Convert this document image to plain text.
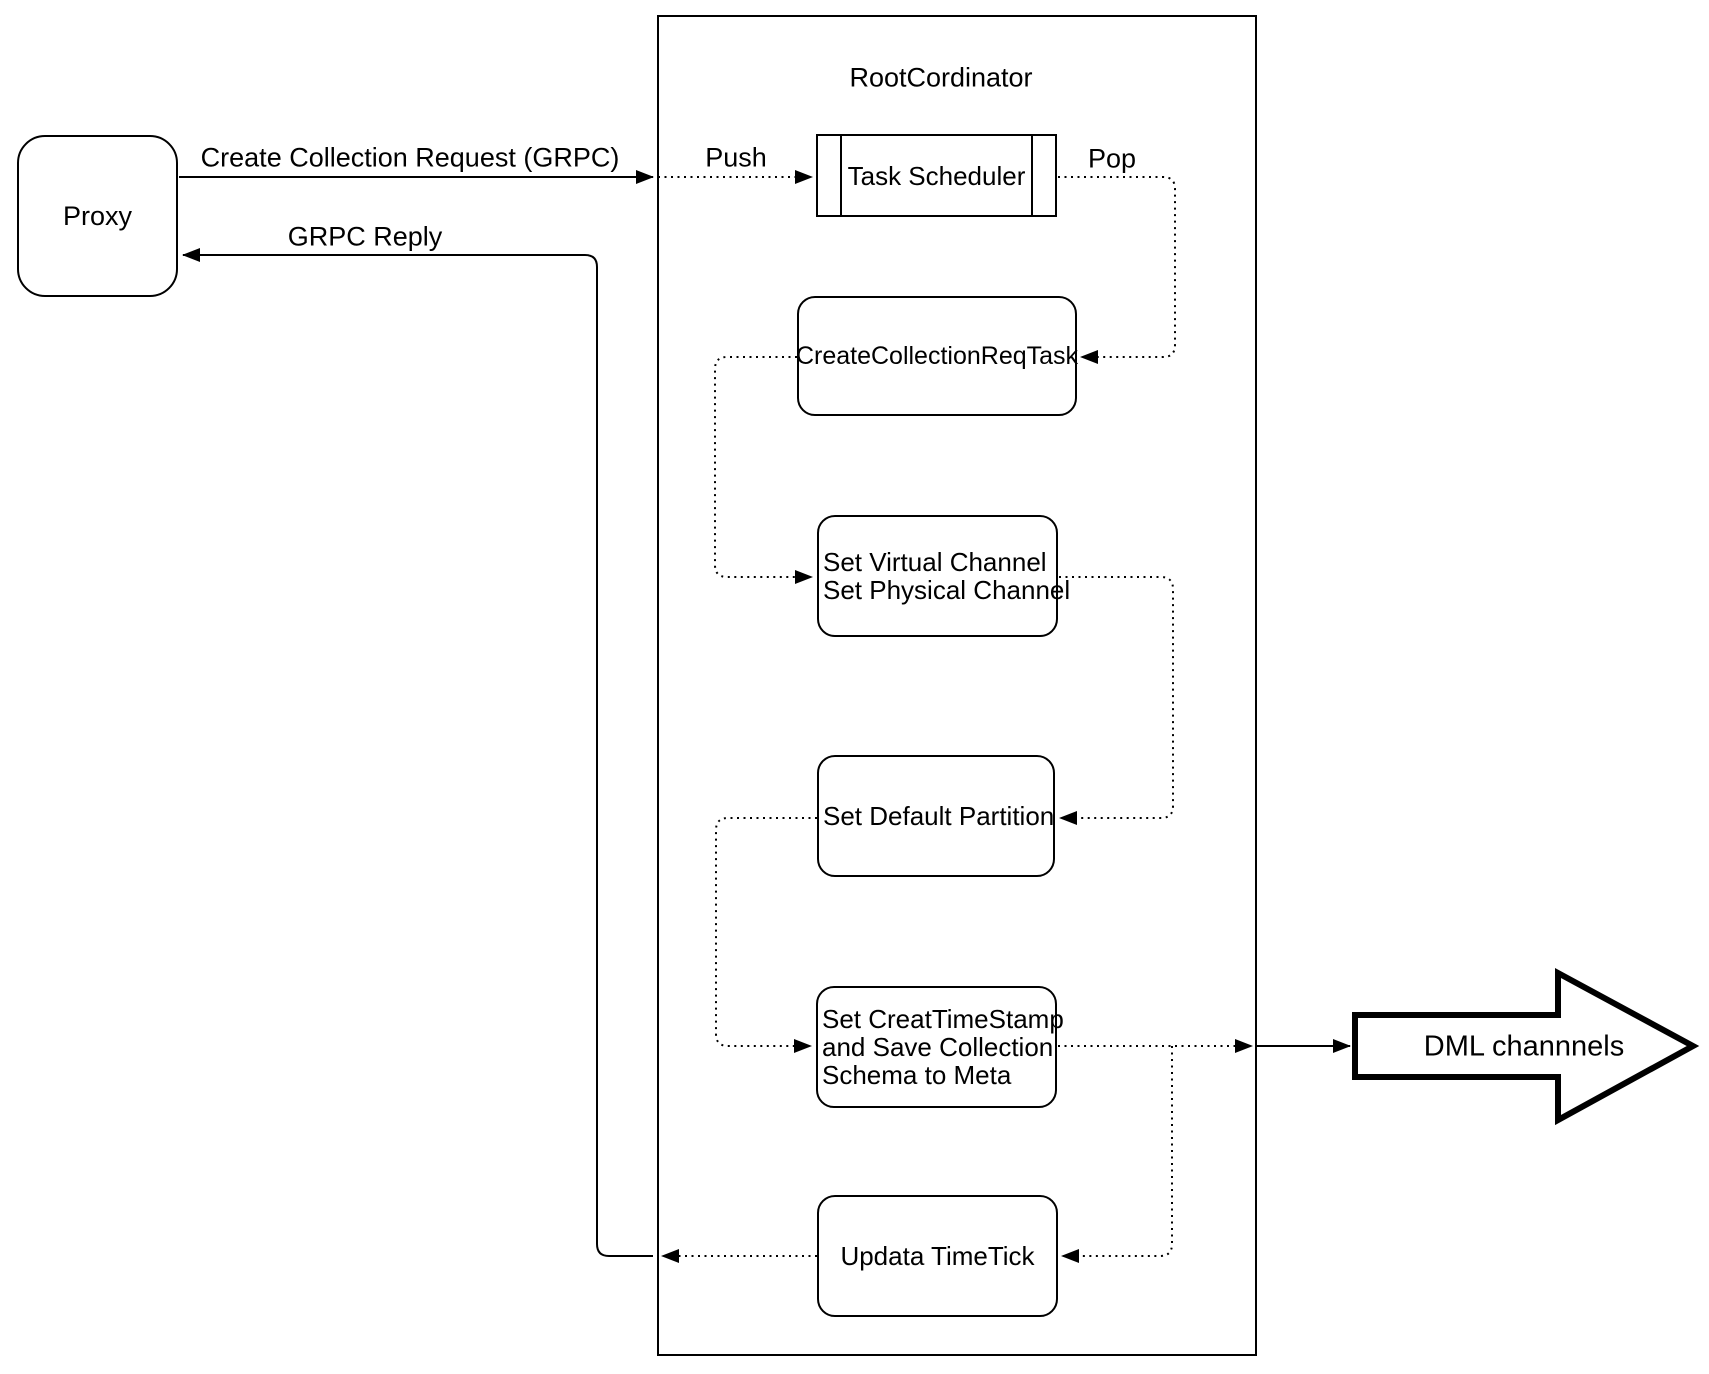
RootCordinator
Proxy
Task Scheduler
CreateCollectionReqTask
Set Virtual Channel
Set Physical Channel
Set Default Partition
Set CreatTimeStamp
and Save Collection
Schema to Meta
Updata TimeTick
DML channnels
Create Collection Request (GRPC)
GRPC Reply
Push	Pop
